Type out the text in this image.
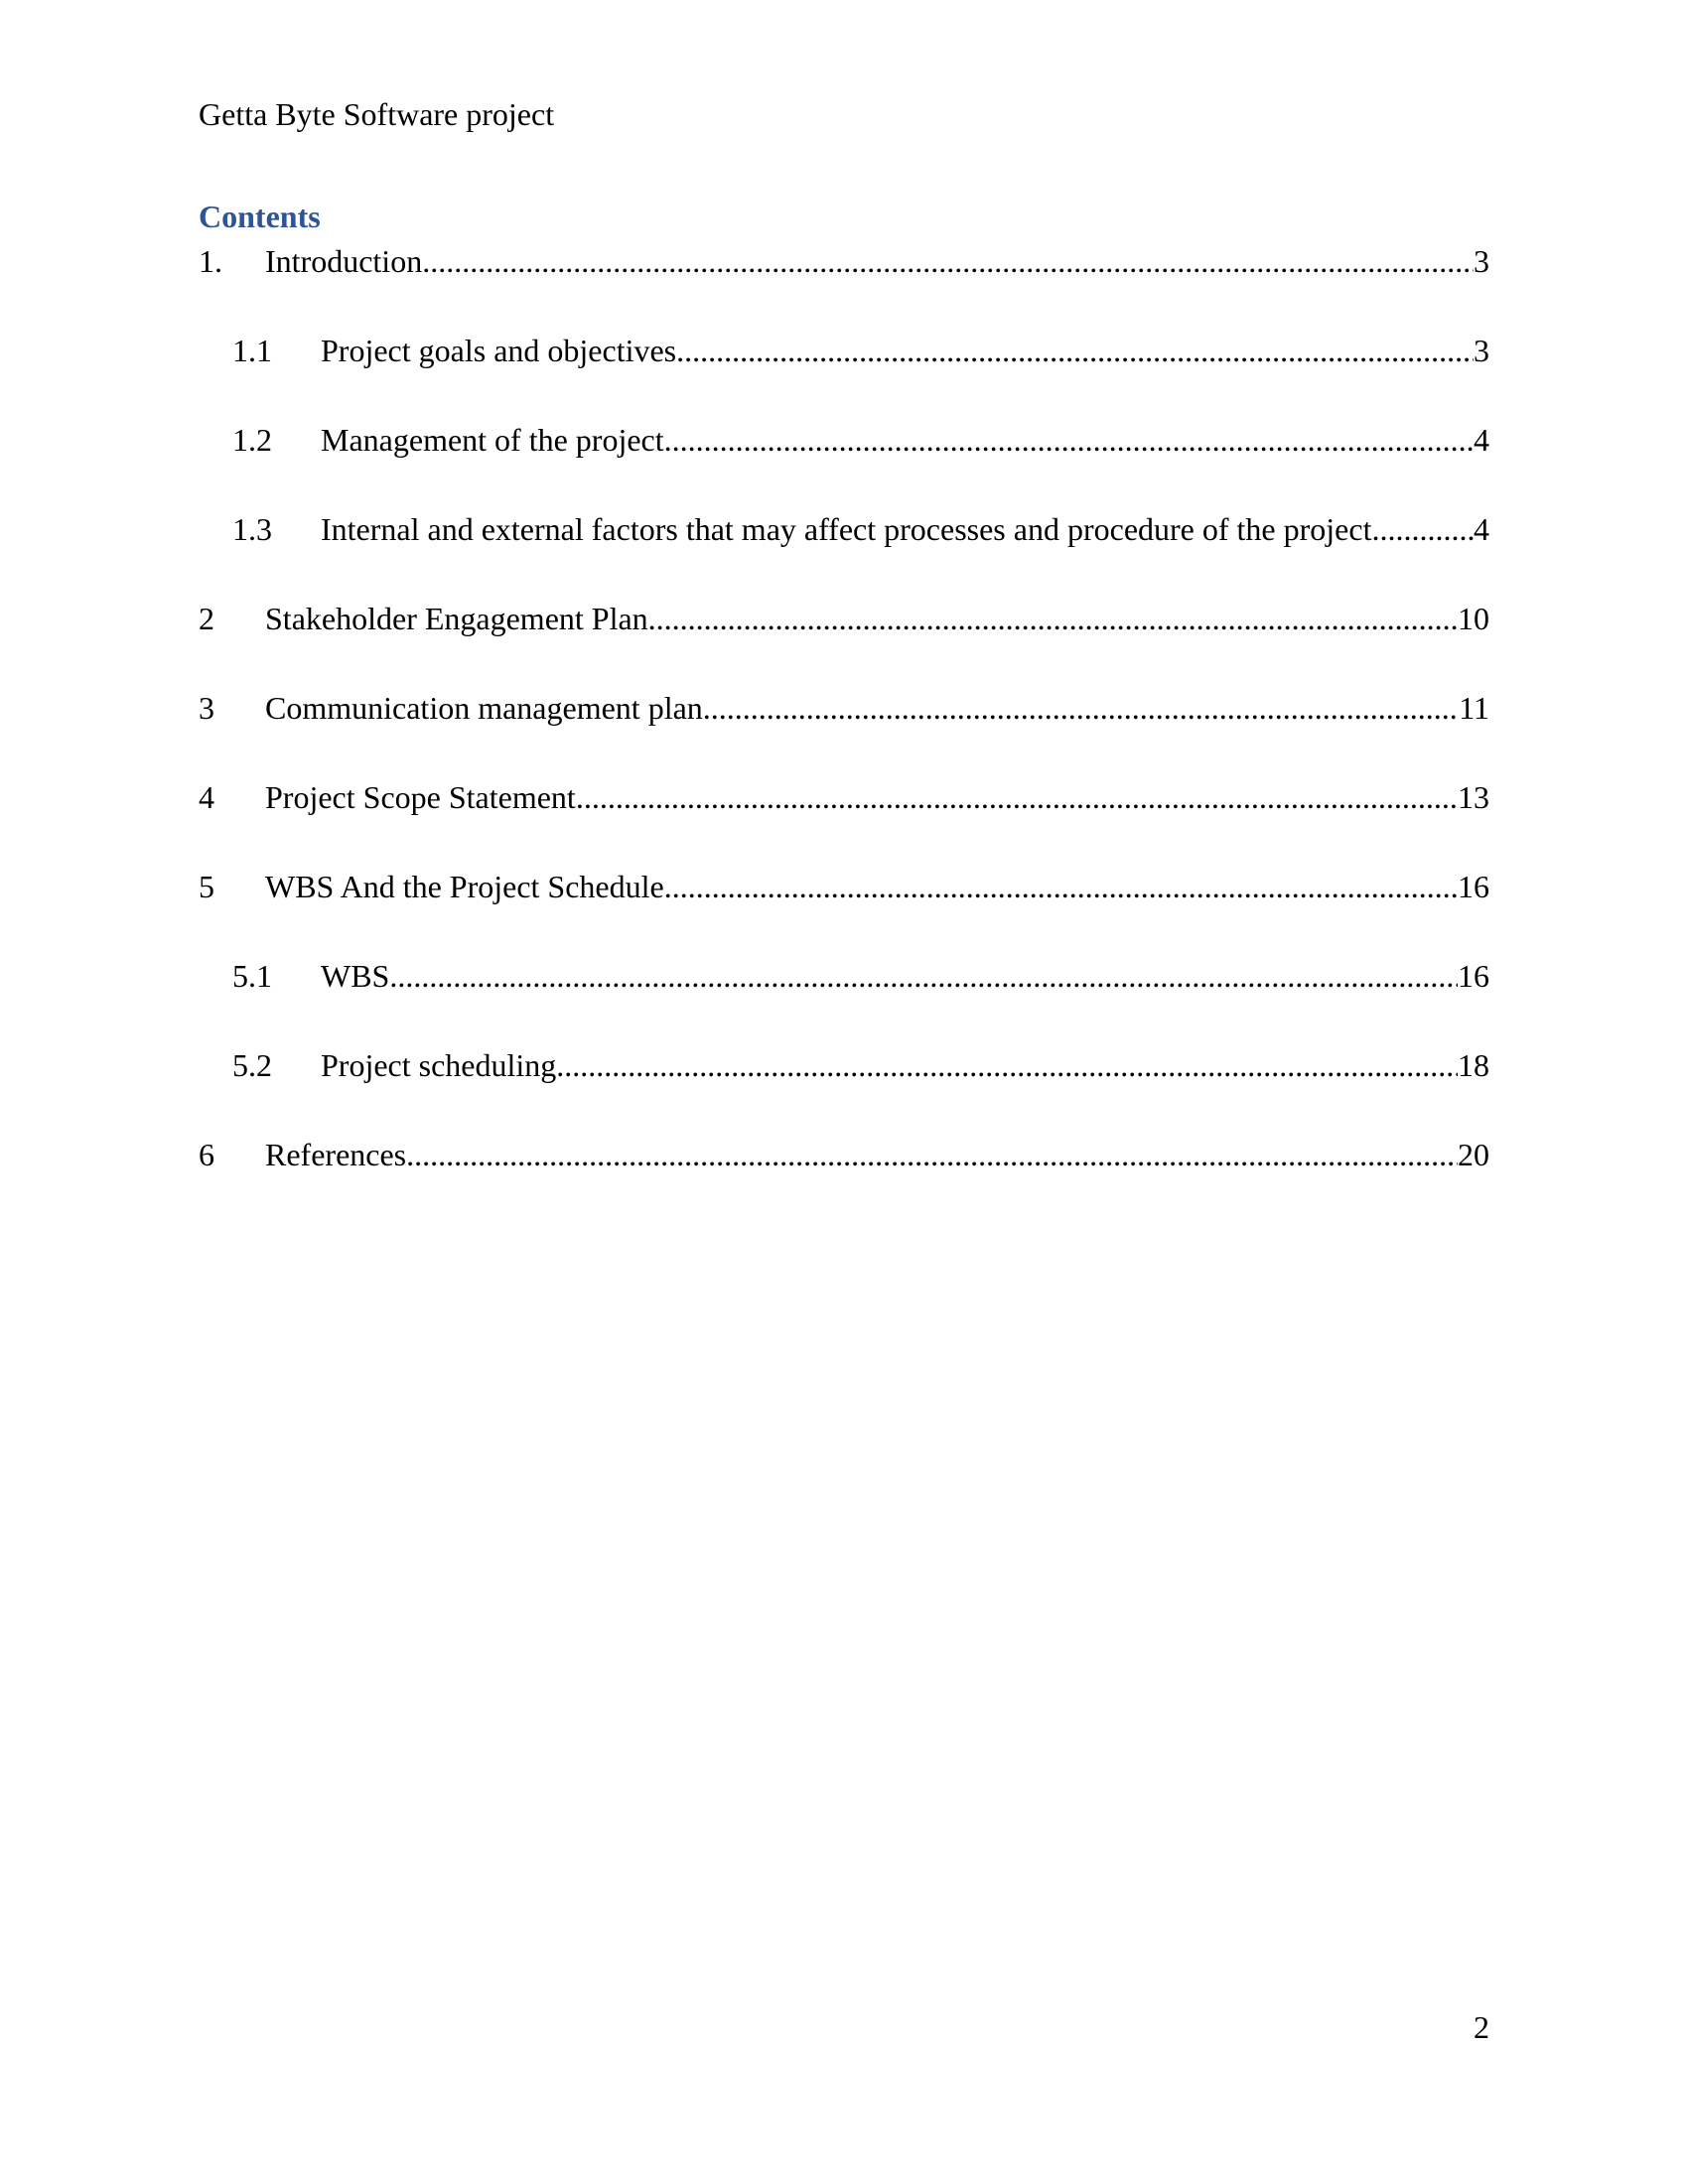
Getta Byte Software project
Contents
1.	Introduction .....	3
1.1	Project goals and objectives .....	3
1.2	Management of the project .....	4
1.3	Internal and external factors that may affect processes and procedure of the project .....	4
2	Stakeholder Engagement Plan .....	10
3	Communication management plan .....	11
4	Project Scope Statement .....	13
5	WBS And the Project Schedule .....	16
5.1	WBS .....	16
5.2	Project scheduling .....	18
6	References .....	20
2
